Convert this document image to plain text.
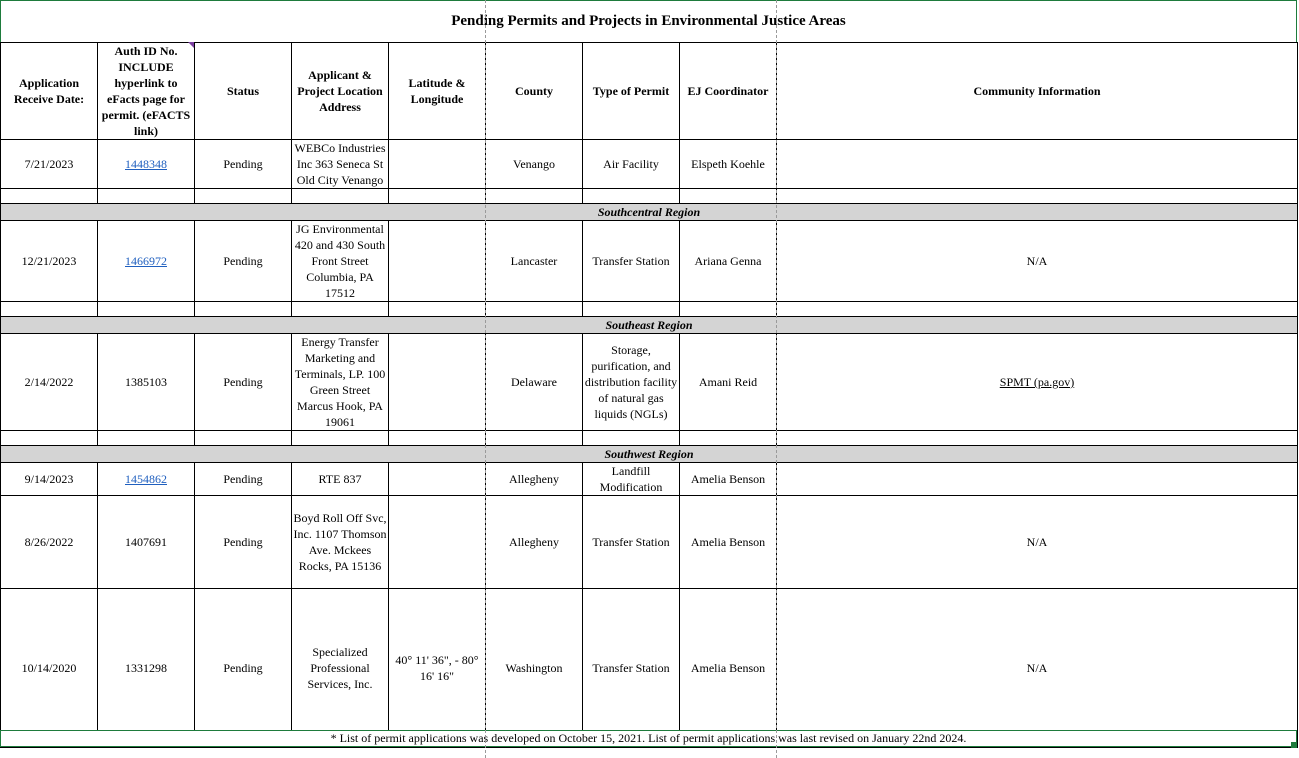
Pending Permits and Projects in Environmental Justice Areas
Application Receive Date:	Auth ID No. INCLUDE hyperlink to eFacts page for permit. (eFACTS link)	Status	Applicant & Project Location Address	Latitude & Longitude	County	Type of Permit	EJ Coordinator	Community Information
7/21/2023	1448348	Pending	WEBCo Industries Inc 363 Seneca St Old City Venango		Venango	Air Facility	Elspeth Koehle	

Southcentral Region								
12/21/2023	1466972	Pending	JG Environmental 420 and 430 South Front Street Columbia, PA 17512		Lancaster	Transfer Station	Ariana Genna	N/A

Southeast Region								
2/14/2022	1385103	Pending	Energy Transfer Marketing and Terminals, LP. 100 Green Street Marcus Hook, PA 19061		Delaware	Storage, purification, and distribution facility of natural gas liquids (NGLs)	Amani Reid	SPMT (pa.gov)

Southwest Region								
9/14/2023	1454862	Pending	RTE 837		Allegheny	Landfill Modification	Amelia Benson	
8/26/2022	1407691	Pending	Boyd Roll Off Svc, Inc. 1107 Thomson Ave. Mckees Rocks, PA 15136		Allegheny	Transfer Station	Amelia Benson	N/A
10/14/2020	1331298	Pending	Specialized Professional Services, Inc.	40° 11' 36", - 80° 16' 16"	Washington	Transfer Station	Amelia Benson	N/A
* List of permit applications was developed on October 15, 2021. List of permit applications was last revised on January 22nd 2024.
